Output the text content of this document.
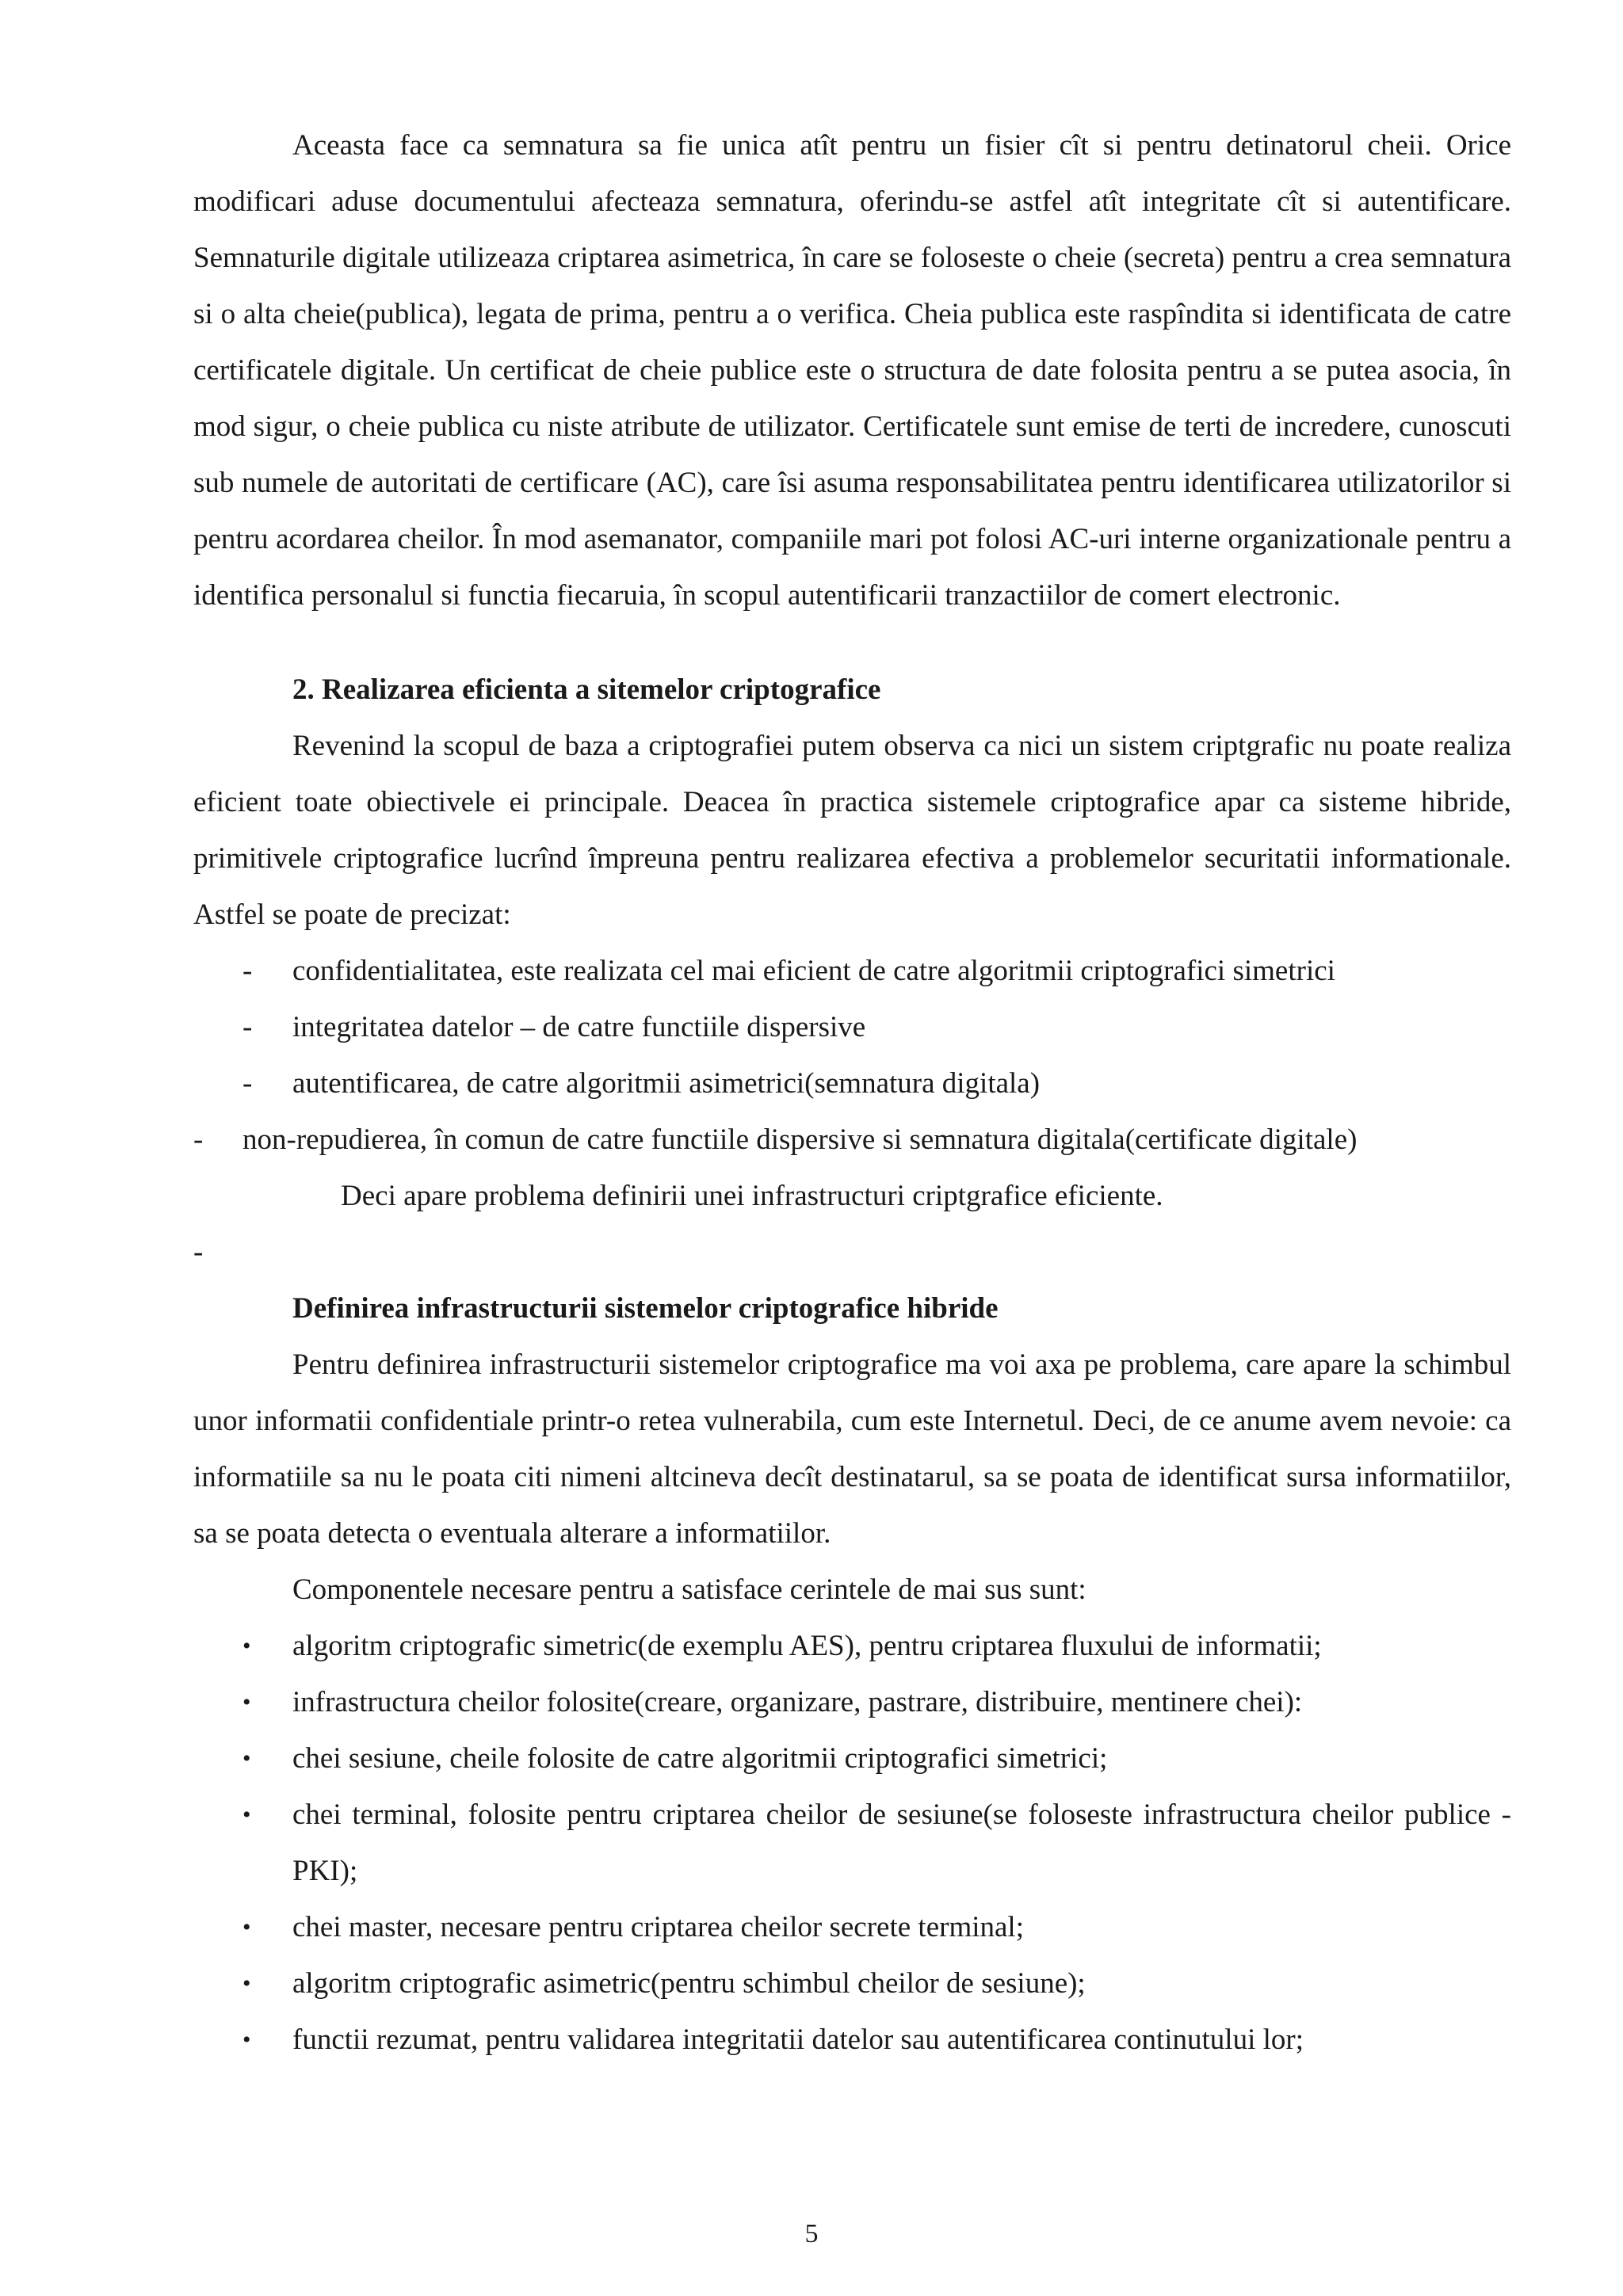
Aceasta face ca semnatura sa fie unica atît pentru un fisier cît si pentru detinatorul cheii. Orice modificari aduse documentului afecteaza semnatura, oferindu-se astfel atît integritate cît si autentificare. Semnaturile digitale utilizeaza criptarea asimetrica, în care se foloseste o cheie (secreta) pentru a crea semnatura si o alta cheie(publica), legata de prima, pentru a o verifica. Cheia publica este raspîndita si identificata de catre certificatele digitale. Un certificat de cheie publice este o structura de date folosita pentru a se putea asocia, în mod sigur, o cheie publica cu niste atribute de utilizator. Certificatele sunt emise de terti de incredere, cunoscuti sub numele de autoritati de certificare (AC), care îsi asuma responsabilitatea pentru identificarea utilizatorilor si pentru acordarea cheilor. În mod asemanator, companiile mari pot folosi AC-uri interne organizationale pentru a identifica personalul si functia fiecaruia, în scopul autentificarii tranzactiilor de comert electronic.

2. Realizarea eficienta a sitemelor criptografice

Revenind la scopul de baza a criptografiei putem observa ca nici un sistem criptgrafic nu poate realiza eficient toate obiectivele ei principale. Deacea în practica sistemele criptografice apar ca sisteme hibride, primitivele criptografice lucrînd împreuna pentru realizarea efectiva a problemelor securitatii informationale. Astfel se poate de precizat:

- confidentialitatea, este realizata cel mai eficient de catre algoritmii criptografici simetrici
- integritatea datelor – de catre functiile dispersive
- autentificarea, de catre algoritmii asimetrici(semnatura digitala)
- non-repudierea, în comun de catre functiile dispersive si semnatura digitala(certificate digitale)

Deci apare problema definirii unei infrastructuri criptgrafice eficiente.

-
Definirea infrastructurii sistemelor criptografice hibride

Pentru definirea infrastructurii sistemelor criptografice ma voi axa pe problema, care apare la schimbul unor informatii confidentiale printr-o retea vulnerabila, cum este Internetul. Deci, de ce anume avem nevoie: ca informatiile sa nu le poata citi nimeni altcineva decît destinatarul, sa se poata de identificat sursa informatiilor, sa se poata detecta o eventuala alterare a informatiilor.

Componentele necesare pentru a satisface cerintele de mai sus sunt:

• algoritm criptografic simetric(de exemplu AES), pentru criptarea fluxului de informatii;
• infrastructura cheilor folosite(creare, organizare, pastrare, distribuire, mentinere chei):
• chei sesiune, cheile folosite de catre algoritmii criptografici simetrici;
• chei terminal, folosite pentru criptarea cheilor de sesiune(se foloseste infrastructura cheilor publice - PKI);
• chei master, necesare pentru criptarea cheilor secrete terminal;
• algoritm criptografic asimetric(pentru schimbul cheilor de sesiune);
• functii rezumat, pentru validarea integritatii datelor sau autentificarea continutului lor;
5
